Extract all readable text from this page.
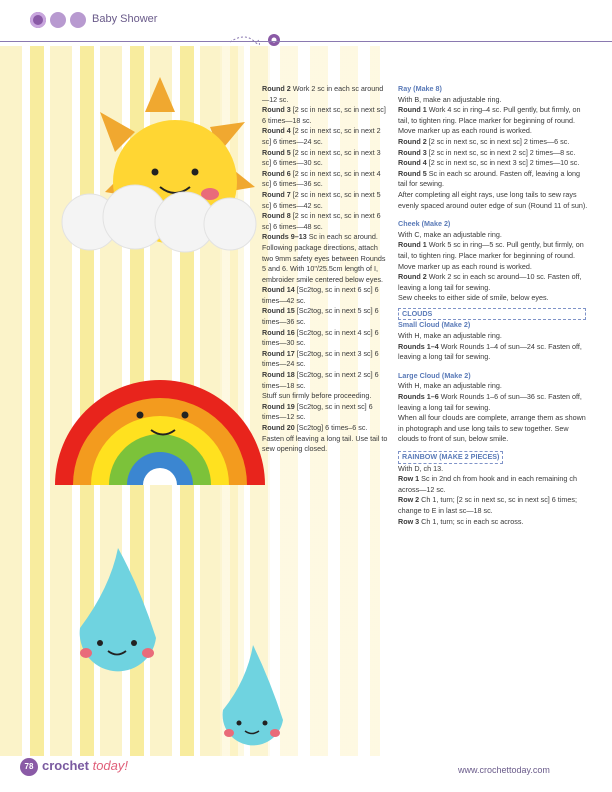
Baby Shower

Round 2 Work 2 sc in each sc around—12 sc.

Round 3 [2 sc in next sc, sc in next sc] 6 times—18 sc.

Round 4 [2 sc in next sc, sc in next 2 sc] 6 times—24 sc.

Round 5 [2 sc in next sc, sc in next 3 sc] 6 times—30 sc.

Round 6 [2 sc in next sc, sc in next 4 sc] 6 times—36 sc.

Round 7 [2 sc in next sc, sc in next 5 sc] 6 times—42 sc.

Round 8 [2 sc in next sc, sc in next 6 sc] 6 times—48 sc.

Rounds 9–13 Sc in each sc around.

Following package directions, attach two 9mm safety eyes between Rounds 5 and 6. With 10"/25.5cm length of I, embroider smile centered below eyes.

Round 14 [Sc2tog, sc in next 6 sc] 6 times—42 sc.

Round 15 [Sc2tog, sc in next 5 sc] 6 times—36 sc.

Round 16 [Sc2tog, sc in next 4 sc] 6 times—30 sc.

Round 17 [Sc2tog, sc in next 3 sc] 6 times—24 sc.

Round 18 [Sc2tog, sc in next 2 sc] 6 times—18 sc.

Stuff sun firmly before proceeding.

Round 19 [Sc2tog, sc in next sc] 6 times—12 sc.

Round 20 [Sc2tog] 6 times–6 sc. Fasten off leaving a long tail. Use tail to sew opening closed.

Ray (Make 8)

With B, make an adjustable ring.

Round 1 Work 4 sc in ring–4 sc. Pull gently, but firmly, on tail, to tighten ring. Place marker for beginning of round. Move marker up as each round is worked.

Round 2 [2 sc in next sc, sc in next sc] 2 times—6 sc.

Round 3 [2 sc in next sc, sc in next 2 sc] 2 times—8 sc.

Round 4 [2 sc in next sc, sc in next 3 sc] 2 times—10 sc.

Round 5 Sc in each sc around. Fasten off, leaving a long tail for sewing.

After completing all eight rays, use long tails to sew rays evenly spaced around outer edge of sun (Round 11 of sun).

Cheek (Make 2)

With C, make an adjustable ring.

Round 1 Work 5 sc in ring—5 sc. Pull gently, but firmly, on tail, to tighten ring. Place marker for beginning of round. Move marker up as each round is worked.

Round 2 Work 2 sc in each sc around—10 sc. Fasten off, leaving a long tail for sewing.

Sew cheeks to either side of smile, below eyes.

CLOUDS

Small Cloud (Make 2)

With H, make an adjustable ring.

Rounds 1–4 Work Rounds 1–4 of sun—24 sc. Fasten off, leaving a long tail for sewing.

Large Cloud (Make 2)

With H, make an adjustable ring.

Rounds 1–6 Work Rounds 1–6 of sun—36 sc. Fasten off, leaving a long tail for sewing.

When all four clouds are complete, arrange them as shown in photograph and use long tails to sew together. Sew clouds to front of sun, below smile.

RAINBOW (MAKE 2 PIECES)

With D, ch 13.

Row 1 Sc in 2nd ch from hook and in each remaining ch across—12 sc.

Row 2 Ch 1, turn; [2 sc in next sc, sc in next sc] 6 times; change to E in last sc—18 sc.

Row 3 Ch 1, turn; sc in each sc across.

78 crochet today!	www.crochettoday.com
